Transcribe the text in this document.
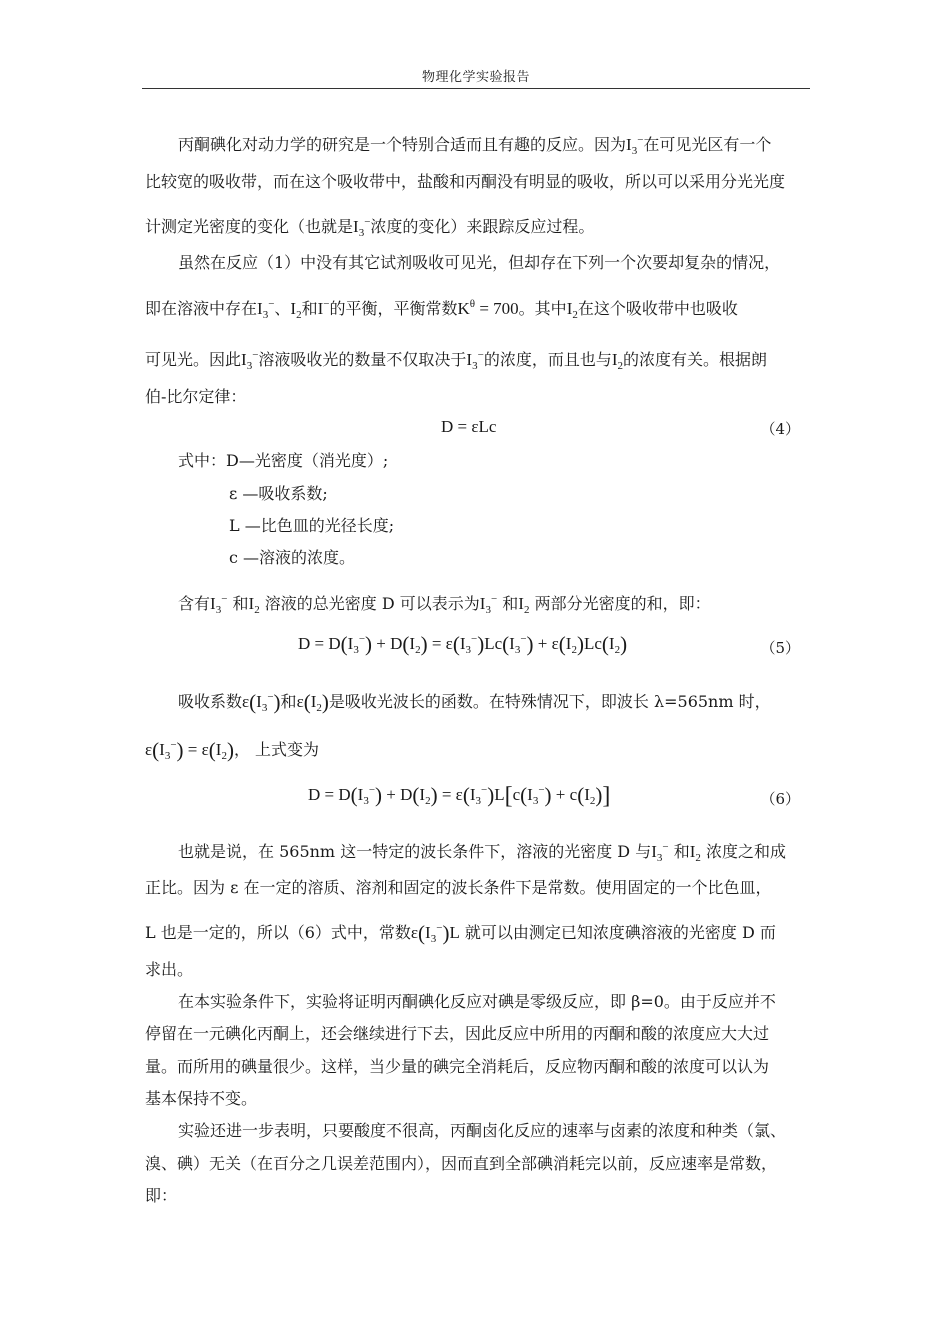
物理化学实验报告
丙酮碘化对动力学的研究是一个特别合适而且有趣的反应。因为$I_3^-$在可见光区有一个
比较宽的吸收带，而在这个吸收带中，盐酸和丙酮没有明显的吸收，所以可以采用分光光度
计测定光密度的变化（也就是$I_3^-$浓度的变化）来跟踪反应过程。
虽然在反应（1）中没有其它试剂吸收可见光，但却存在下列一个次要却复杂的情况，
即在溶液中存在$I_3^-$、$I_2$和I−的平衡，平衡常数$K^\theta = 700$。其中$I_2$在这个吸收带中也吸收
可见光。因此$I_3^-$溶液吸收光的数量不仅取决于$I_3^-$的浓度，而且也与$I_2$的浓度有关。根据朗
伯-比尔定律：
D = εLc	（4）
式中：D—光密度（消光度）;
ε —吸收系数;
L —比色皿的光径长度;
c —溶液的浓度。
含有$I_3^-$ 和$I_2$ 溶液的总光密度 D 可以表示为$I_3^-$ 和$I_2$ 两部分光密度的和，即：
$D = D(I_3^-) + D(I_2) = \varepsilon(I_3^-)Lc(I_3^-) + \varepsilon(I_2)Lc(I_2)$	（5）
吸收系数$\varepsilon(I_3^-)$和$\varepsilon(I_2)$是吸收光波长的函数。在特殊情况下，即波长 λ=565nm 时，
$\varepsilon(I_3^-) = \varepsilon(I_2)$， 上式变为
$D = D(I_3^-) + D(I_2) = \varepsilon(I_3^-)L[c(I_3^-) + c(I_2)]$	（6）
也就是说，在 565nm 这一特定的波长条件下，溶液的光密度 D 与$I_3^-$ 和$I_2$ 浓度之和成
正比。因为 ε 在一定的溶质、溶剂和固定的波长条件下是常数。使用固定的一个比色皿，
L 也是一定的，所以（6）式中，常数$\varepsilon(I_3^-)L$ 就可以由测定已知浓度碘溶液的光密度 D 而
求出。
在本实验条件下，实验将证明丙酮碘化反应对碘是零级反应，即 β=0。由于反应并不
停留在一元碘化丙酮上，还会继续进行下去，因此反应中所用的丙酮和酸的浓度应大大过
量。而所用的碘量很少。这样，当少量的碘完全消耗后，反应物丙酮和酸的浓度可以认为
基本保持不变。
实验还进一步表明，只要酸度不很高，丙酮卤化反应的速率与卤素的浓度和种类（氯、
溴、碘）无关（在百分之几误差范围内），因而直到全部碘消耗完以前，反应速率是常数，
即：
